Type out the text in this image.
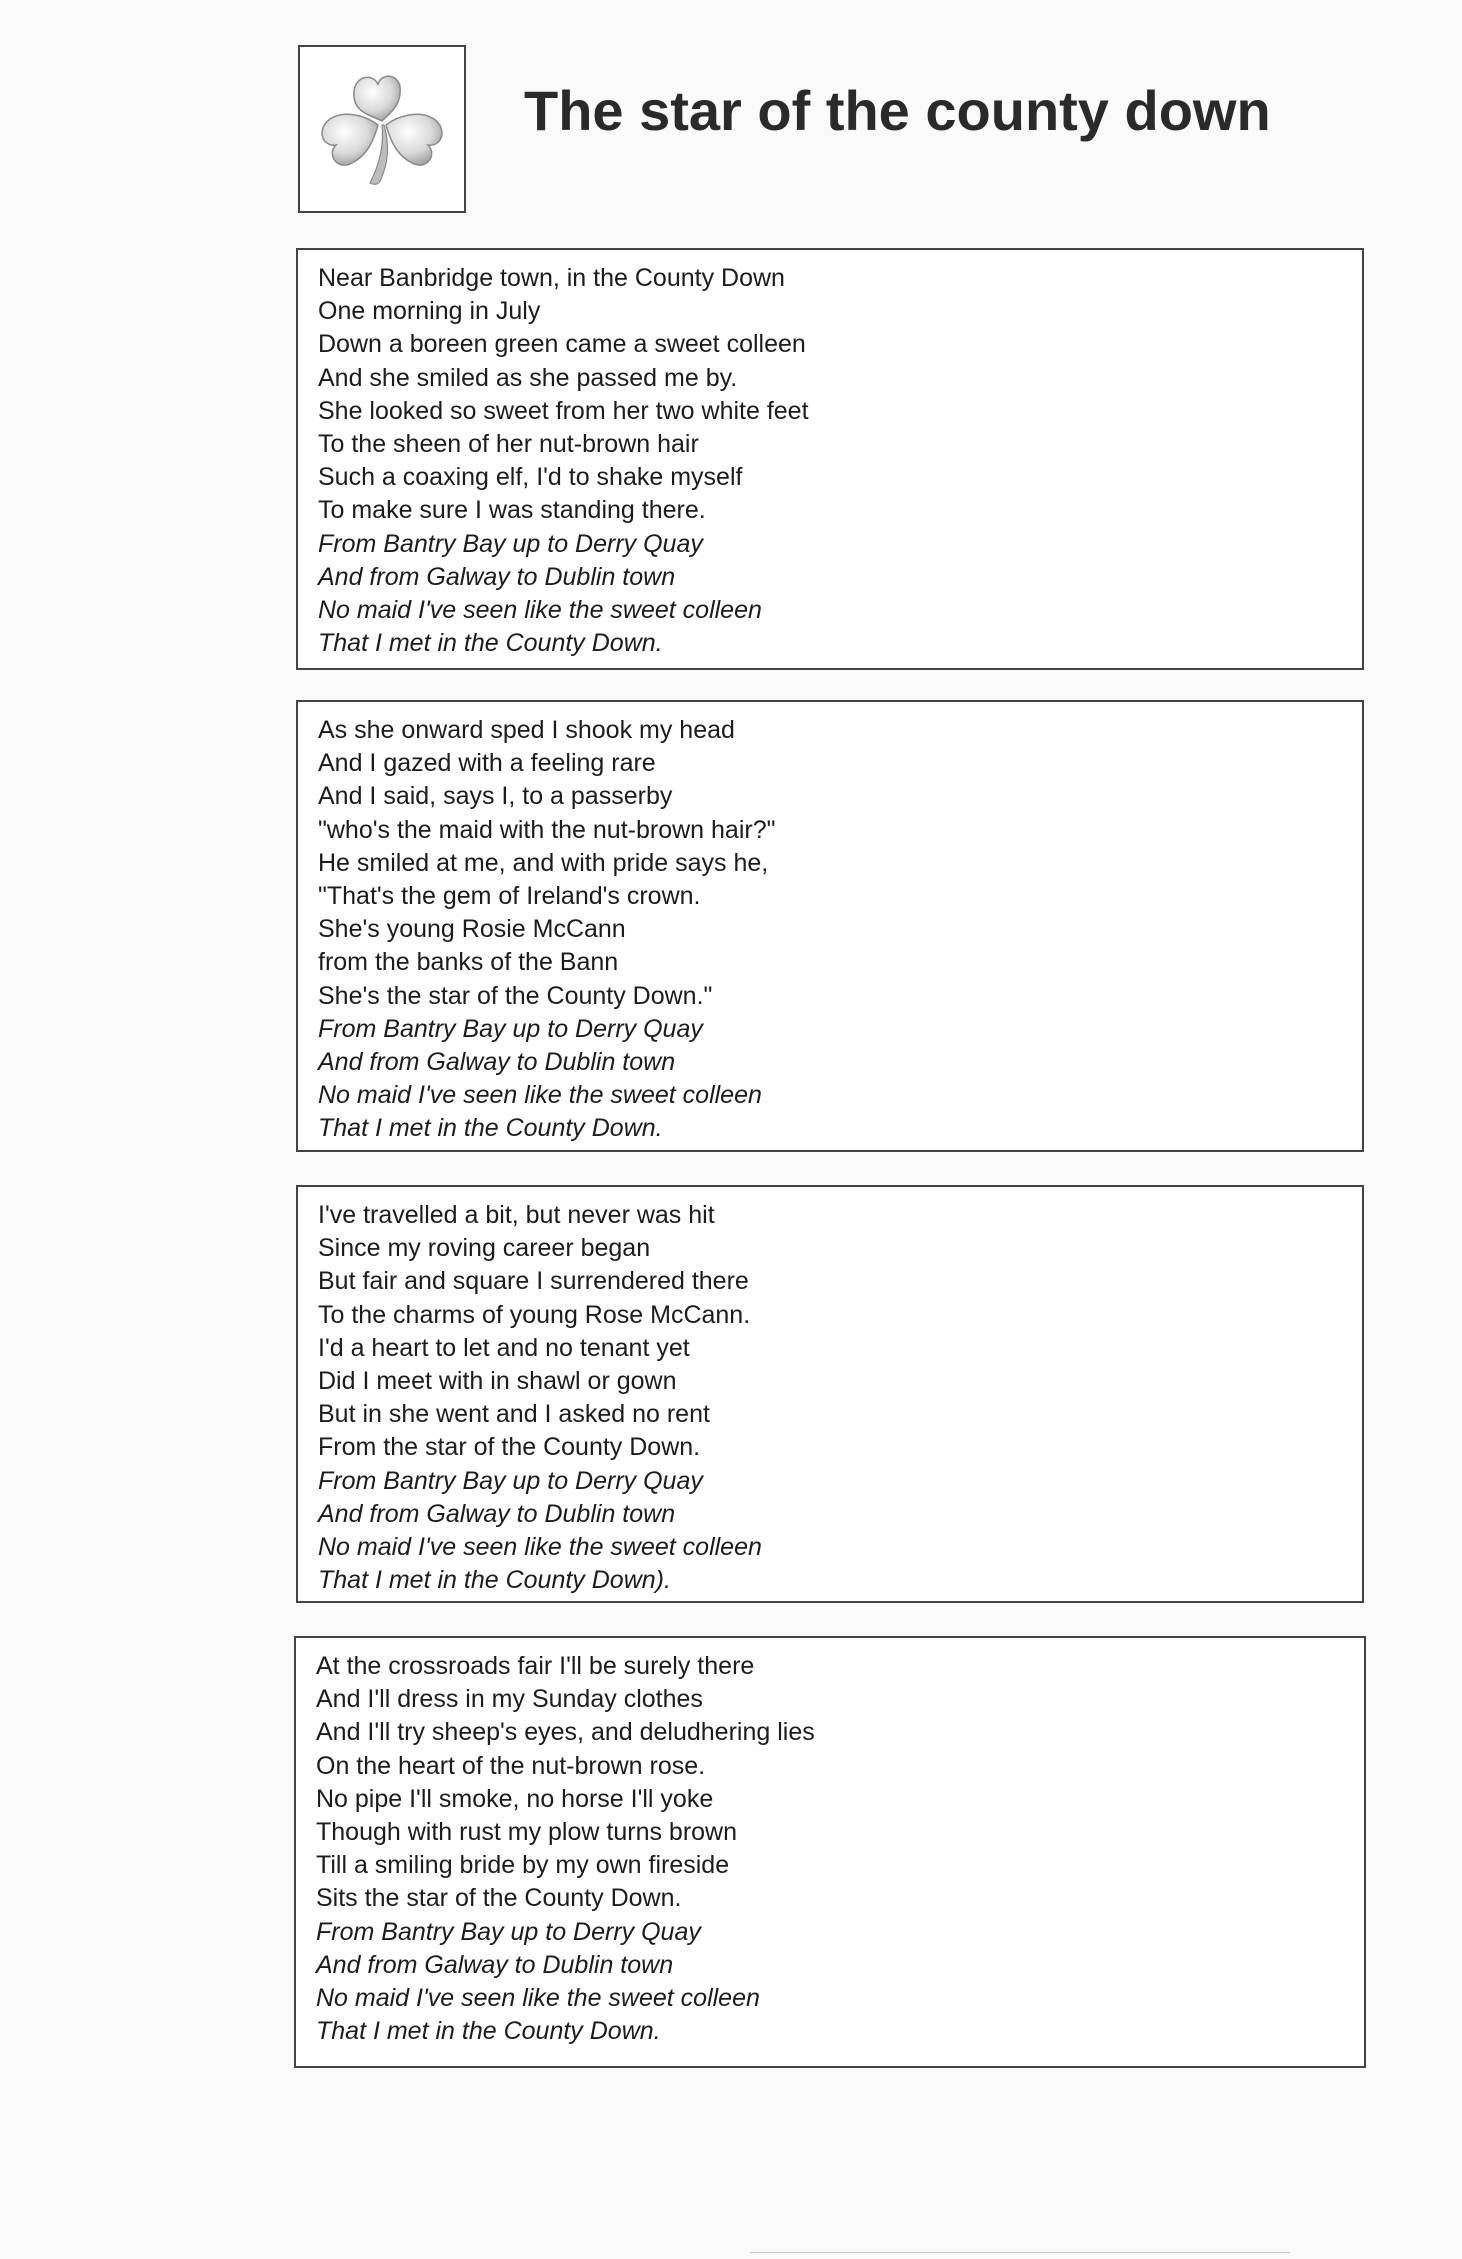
The star of the county down
Near Banbridge town, in the County Down
One morning in July
Down a boreen green came a sweet colleen
And she smiled as she passed me by.
She looked so sweet from her two white feet
To the sheen of her nut-brown hair
Such a coaxing elf, I'd to shake myself
To make sure I was standing there.
From Bantry Bay up to Derry Quay
And from Galway to Dublin town
No maid I've seen like the sweet colleen
That I met in the County Down.
As she onward sped I shook my head
And I gazed with a feeling rare
And I said, says I, to a passerby
"who's the maid with the nut-brown hair?"
He smiled at me, and with pride says he,
"That's the gem of Ireland's crown.
She's young Rosie McCann
from the banks of the Bann
She's the star of the County Down."
From Bantry Bay up to Derry Quay
And from Galway to Dublin town
No maid I've seen like the sweet colleen
That I met in the County Down.
I've travelled a bit, but never was hit
Since my roving career began
But fair and square I surrendered there
To the charms of young Rose McCann.
I'd a heart to let and no tenant yet
Did I meet with in shawl or gown
But in she went and I asked no rent
From the star of the County Down.
From Bantry Bay up to Derry Quay
And from Galway to Dublin town
No maid I've seen like the sweet colleen
That I met in the County Down).
At the crossroads fair I'll be surely there
And I'll dress in my Sunday clothes
And I'll try sheep's eyes, and deludhering lies
On the heart of the nut-brown rose.
No pipe I'll smoke, no horse I'll yoke
Though with rust my plow turns brown
Till a smiling bride by my own fireside
Sits the star of the County Down.
From Bantry Bay up to Derry Quay
And from Galway to Dublin town
No maid I've seen like the sweet colleen
That I met in the County Down.
